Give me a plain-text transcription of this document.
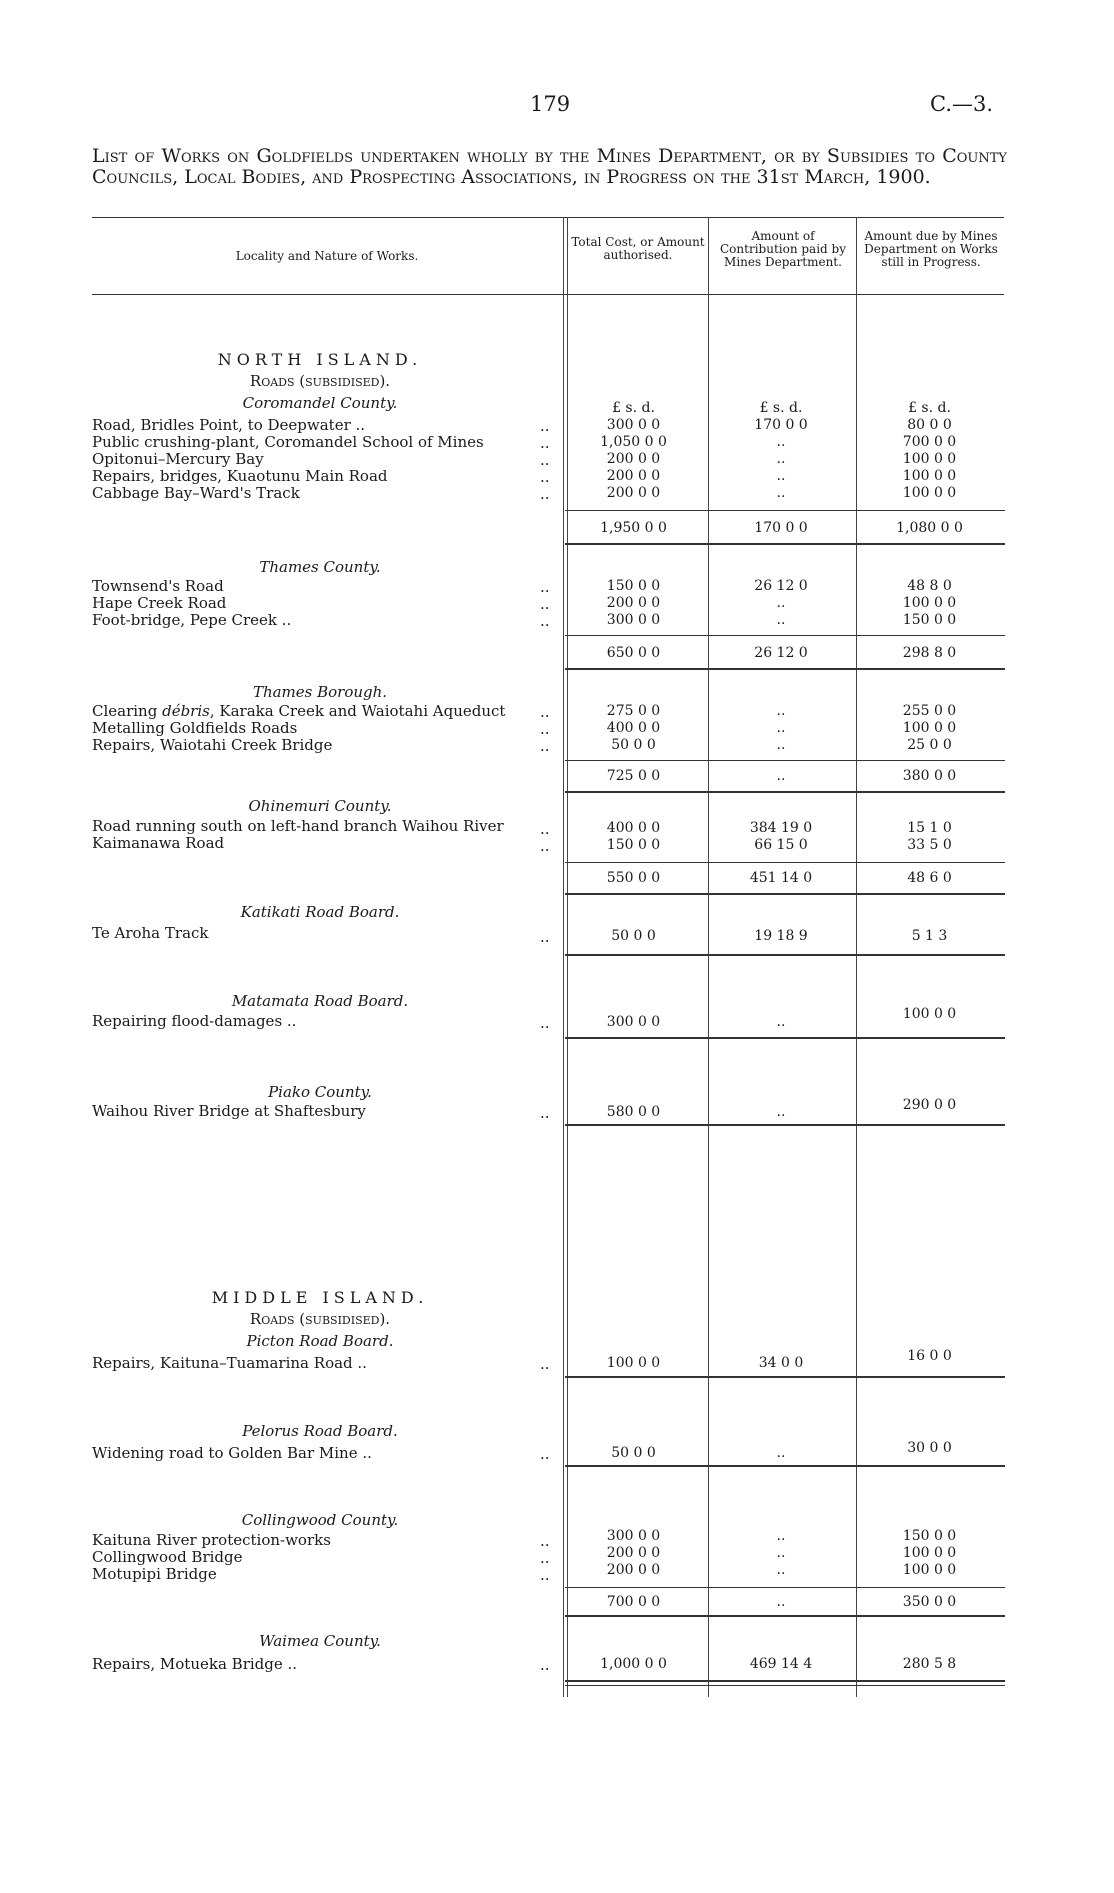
179	C.—3.
List of Works on Goldfields undertaken wholly by the Mines Department, or by Subsidies to County Councils, Local Bodies, and Prospecting Associations, in Progress on the 31st March, 1900.
Locality and Nature of Works.
Total Cost, or Amount authorised.
Amount of Contribution paid by Mines Department.
Amount due by Mines Department on Works still in Progress.
NORTH ISLAND.
Roads (subsidised).
Coromandel County.	£ s. d.	£ s. d.	£ s. d.
Road, Bridles Point, to Deepwater ..	300 0 0	170 0 0	80 0 0
Public crushing-plant, Coromandel School of Mines	1,050 0 0	..	700 0 0
Opitonui–Mercury Bay	200 0 0	..	100 0 0
Repairs, bridges, Kuaotunu Main Road	200 0 0	..	100 0 0
Cabbage Bay–Ward's Track	200 0 0	..	100 0 0
1,950 0 0	170 0 0	1,080 0 0
Thames County.
Townsend's Road	150 0 0	26 12 0	48 8 0
Hape Creek Road	200 0 0	..	100 0 0
Foot-bridge, Pepe Creek ..	300 0 0	..	150 0 0
650 0 0	26 12 0	298 8 0
Thames Borough.
Clearing débris, Karaka Creek and Waiotahi Aqueduct	275 0 0	..	255 0 0
Metalling Goldfields Roads	400 0 0	..	100 0 0
Repairs, Waiotahi Creek Bridge	50 0 0	..	25 0 0
725 0 0	..	380 0 0
Ohinemuri County.
Road running south on left-hand branch Waihou River	400 0 0	384 19 0	15 1 0
Kaimanawa Road	150 0 0	66 15 0	33 5 0
550 0 0	451 14 0	48 6 0
Katikati Road Board.
Te Aroha Track	50 0 0	19 18 9	5 1 3
Matamata Road Board.
Repairing flood-damages ..	300 0 0	..	100 0 0
Piako County.
Waihou River Bridge at Shaftesbury	580 0 0	..	290 0 0
MIDDLE ISLAND.
Roads (subsidised).
Picton Road Board.
Repairs, Kaituna–Tuamarina Road ..	100 0 0	34 0 0	16 0 0
Pelorus Road Board.
Widening road to Golden Bar Mine ..	50 0 0	..	30 0 0
Collingwood County.
Kaituna River protection-works	300 0 0	..	150 0 0
Collingwood Bridge	200 0 0	..	100 0 0
Motupipi Bridge	200 0 0	..	100 0 0
700 0 0	..	350 0 0
Waimea County.
Repairs, Motueka Bridge ..	1,000 0 0	469 14 4	280 5 8
..
..
..
..
..
..
..
..
..
..
..
..
..
..
..
..
..
..
..
..
..
..
